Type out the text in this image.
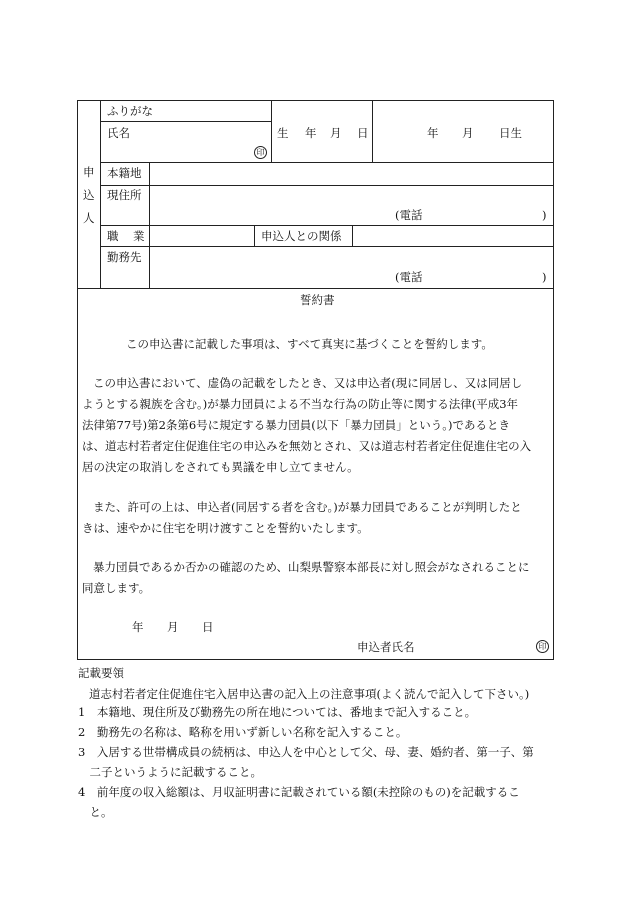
申
込
人
ふりがな
氏名
印
生 年 月 日	年 月 日生
本籍地
現住所
(電話	)
職 業	申込人との関係
勤務先
(電話	)
誓約書
この申込書に記載した事項は、すべて真実に基づくことを誓約します。
この申込書において、虚偽の記載をしたとき、又は申込者(現に同居し、又は同居し
ようとする親族を含む。)が暴力団員による不当な行為の防止等に関する法律(平成3年
法律第77号)第2条第6号に規定する暴力団員(以下「暴力団員」という。)であるとき
は、道志村若者定住促進住宅の申込みを無効とされ、又は道志村若者定住促進住宅の入
居の決定の取消しをされても異議を申し立てません。
また、許可の上は、申込者(同居する者を含む。)が暴力団員であることが判明したと
きは、速やかに住宅を明け渡すことを誓約いたします。
暴力団員であるか否かの確認のため、山梨県警察本部長に対し照会がなされることに
同意します。
年 月 日
申込者氏名	印
記載要領
道志村若者定住促進住宅入居申込書の記入上の注意事項(よく読んで記入して下さい。)
1　本籍地、現住所及び勤務先の所在地については、番地まで記入すること。
2　勤務先の名称は、略称を用いず新しい名称を記入すること。
3　入居する世帯構成員の続柄は、申込人を中心として父、母、妻、婚約者、第一子、第
　二子というように記載すること。
4　前年度の収入総額は、月収証明書に記載されている額(未控除のもの)を記載するこ
　と。
